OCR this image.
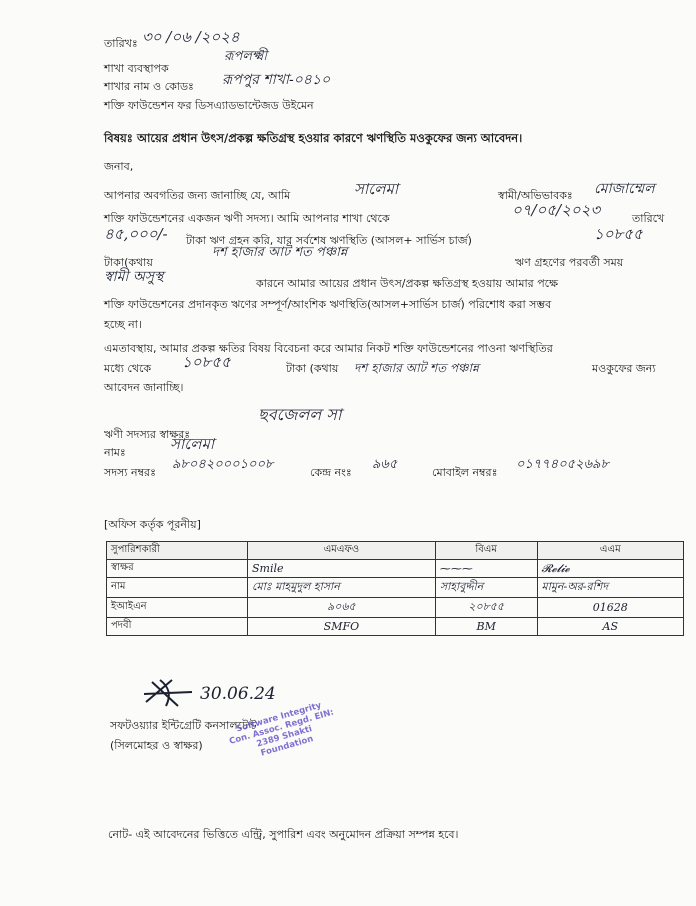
তারিখঃ ৩০ /০৬ /২০২৪
শাখা ব্যবস্থাপক
রূপলক্ষ্মী
শাখার নাম ও কোডঃ রূপপুর শাখা-০৪১০
শক্তি ফাউন্ডেশন ফর ডিসএ্যাডভান্টেজড উইমেন
বিষয়ঃ আয়ের প্রধান উৎস/প্রকল্প ক্ষতিগ্রস্থ হওয়ার কারণে ঋণস্থিতি মওকুফের জন্য আবেদন।
জনাব,
আপনার অবগতির জন্য জানাচ্ছি যে, আমি	সালেমা	স্বামী/অভিভাবকঃ মোজাম্মেল
শক্তি ফাউন্ডেশনের একজন ঋণী সদস্য। আমি আপনার শাখা থেকে	০৭/০৫/২০২৩	তারিখে
৪৫,০০০/- টাকা ঋণ গ্রহন করি, যার সর্বশেষ ঋণস্থিতি (আসল+ সার্ভিস চার্জ)	১০৮৫৫
টাকা(কথায়
দশ হাজার আট শত পঞ্চান্ন
ঋণ গ্রহণের পরবর্তী সময়
স্বামী অসুস্থ	কারনে আমার আয়ের প্রধান উৎস/প্রকল্প ক্ষতিগ্রস্থ হওয়ায় আমার পক্ষে
শক্তি ফাউন্ডেশনের প্রদানকৃত ঋণের সম্পূর্ণ/আংশিক ঋণস্থিতি(আসল+সার্ভিস চার্জ) পরিশোধ করা সম্ভব
হচ্ছে না।
এমতাবস্থায়, আমার প্রকল্প ক্ষতির বিষয় বিবেচনা করে আমার নিকট শক্তি ফাউন্ডেশনের পাওনা ঋণস্থিতির
মধ্যে থেকে ১০৮৫৫	টাকা (কথায় দশ হাজার আট শত পঞ্চান্ন	মওকুফের জন্য
আবেদন জানাচ্ছি।
ছবজেলল সা
ঋণী সদস্যর স্বাক্ষরঃ
নামঃ	সালেমা
সদস্য নম্বরঃ
৯৮০৪২০০০১০০৮
কেন্দ্র নংঃ
৯৬৫
মোবাইল নম্বরঃ
০১৭৭৪০৫২৬৯৮
[অফিস কর্তৃক পূরনীয়]
সুপারিশকারী	এমএফও	বিএম	এএম
স্বাক্ষর	Smile	⁓⁓⁓	𝓡𝓮𝓵𝓲𝓮
নাম	মোঃ মাহমুদুল হাসান	সাহাবুদ্দীন	মামুন-অর-রশিদ
ইআইএন	৯০৬৫	২০৮৫৫	01628
পদবী	SMFO	BM	AS
30.06.24
সফটওয়্যার ইন্টিগ্রেটি কনসালটেন্ট
(সিলমোহর ও স্বাক্ষর)
Software Integrity Con. Assoc. Regd. EIN: 2389 Shakti Foundation
নোট- এই আবেদনের ভিত্তিতে এন্ট্রি, সুপারিশ এবং অনুমোদন প্রক্রিয়া সম্পন্ন হবে।
